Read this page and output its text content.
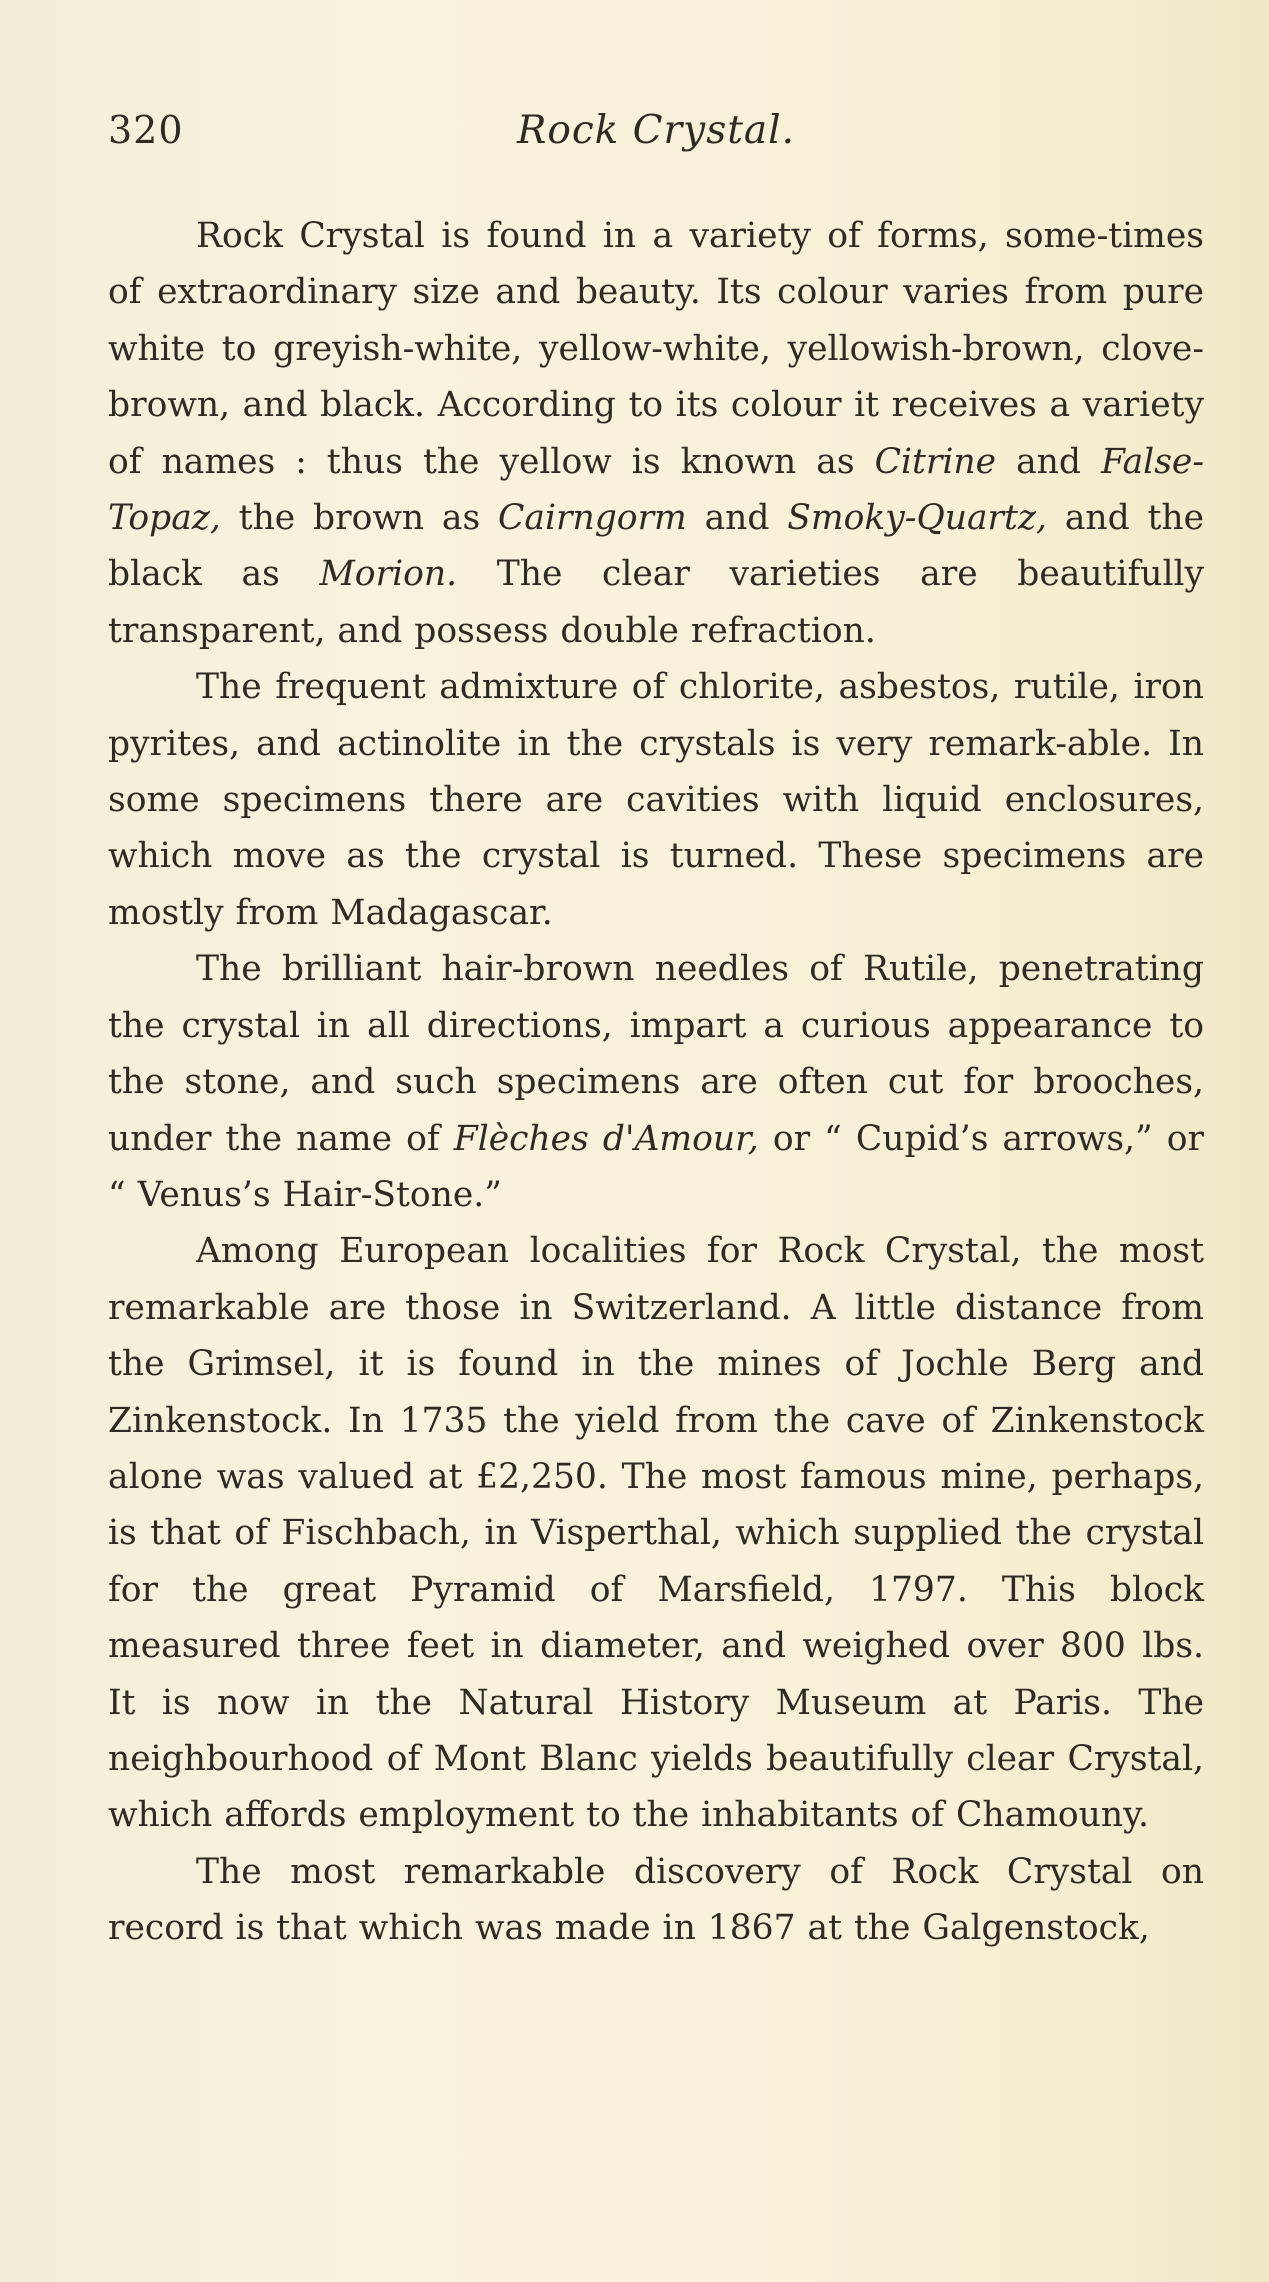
320	Rock Crystal.

Rock Crystal is found in a variety of forms, some-times of extraordinary size and beauty. Its colour varies from pure white to greyish-white, yellow-white, yellowish-brown, clove-brown, and black. According to its colour it receives a variety of names : thus the yellow is known as Citrine and False-Topaz, the brown as Cairngorm and Smoky-Quartz, and the black as Morion. The clear varieties are beautifully transparent, and possess double refraction.

The frequent admixture of chlorite, asbestos, rutile, iron pyrites, and actinolite in the crystals is very remark-able. In some specimens there are cavities with liquid enclosures, which move as the crystal is turned. These specimens are mostly from Madagascar.

The brilliant hair-brown needles of Rutile, penetrating the crystal in all directions, impart a curious appearance to the stone, and such specimens are often cut for brooches, under the name of Flèches d'Amour, or “ Cupid’s arrows,” or “ Venus’s Hair-Stone.”

Among European localities for Rock Crystal, the most remarkable are those in Switzerland. A little distance from the Grimsel, it is found in the mines of Jochle Berg and Zinkenstock. In 1735 the yield from the cave of Zinkenstock alone was valued at £2,250. The most famous mine, perhaps, is that of Fischbach, in Visperthal, which supplied the crystal for the great Pyramid of Marsfield, 1797. This block measured three feet in diameter, and weighed over 800 lbs. It is now in the Natural History Museum at Paris. The neighbourhood of Mont Blanc yields beautifully clear Crystal, which affords employment to the inhabitants of Chamouny.

The most remarkable discovery of Rock Crystal on record is that which was made in 1867 at the Galgenstock,
